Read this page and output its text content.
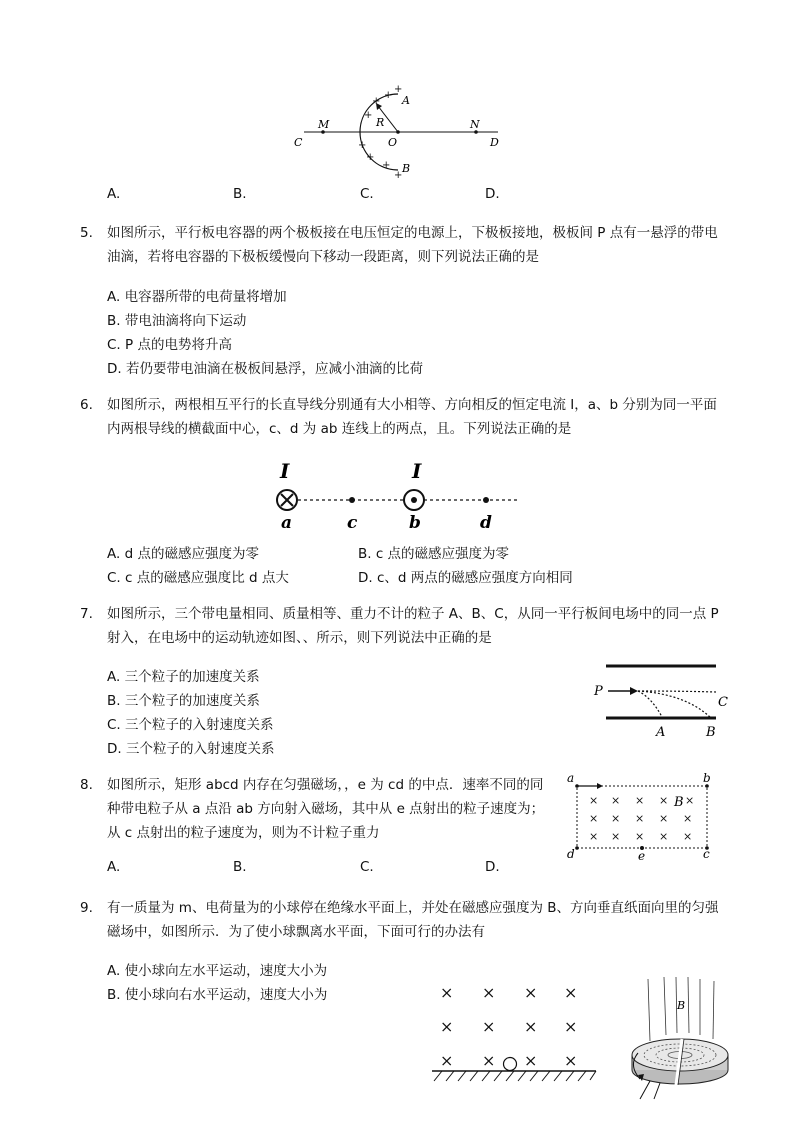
M	N
C	D
O
A
B
R
+
+
+
+
+
+
+
+
A.	B.	C.	D.
5.	如图所示，平行板电容器的两个极板接在电压恒定的电源上，下极板接地，极板间 P 点有一悬浮的带电油滴，若将电容器的下极板缓慢向下移动一段距离，则下列说法正确的是
A. 电容器所带的电荷量将增加
B. 带电油滴将向下运动
C. P 点的电势将升高
D. 若仍要带电油滴在极板间悬浮，应减小油滴的比荷
6.	如图所示，两根相互平行的长直导线分别通有大小相等、方向相反的恒定电流 I，a、b 分别为同一平面内两根导线的横截面中心，c、d 为 ab 连线上的两点，且。下列说法正确的是
I	I
a	c	b	d
A. d 点的磁感应强度为零	B. c 点的磁感应强度为零
C. c 点的磁感应强度比 d 点大	D. c、d 两点的磁感应强度方向相同
7.	如图所示，三个带电量相同、质量相等、重力不计的粒子 A、B、C，从同一平行板间电场中的同一点 P 射入，在电场中的运动轨迹如图、、所示，则下列说法中正确的是
A. 三个粒子的加速度关系
B. 三个粒子的加速度关系
C. 三个粒子的入射速度关系
D. 三个粒子的入射速度关系
P
C
A	B
8.	如图所示，矩形 abcd 内存在匀强磁场，，e 为 cd 的中点．速率不同的同
种带电粒子从 a 点沿 ab 方向射入磁场，其中从 e 点射出的粒子速度为；
从 c 点射出的粒子速度为，则为不计粒子重力
A.	B.	C.	D.
× × × ×
× × × × ×
× × × × ×
×
a	b
d	c
e
B
9.	有一质量为 m、电荷量为的小球停在绝缘水平面上，并处在磁感应强度为 B、方向垂直纸面向里的匀强磁场中，如图所示．为了使小球飘离水平面，下面可行的办法有
A. 使小球向左水平运动，速度大小为
B. 使小球向右水平运动，速度大小为	× × × ×
× × × ×
× × × ×
B
